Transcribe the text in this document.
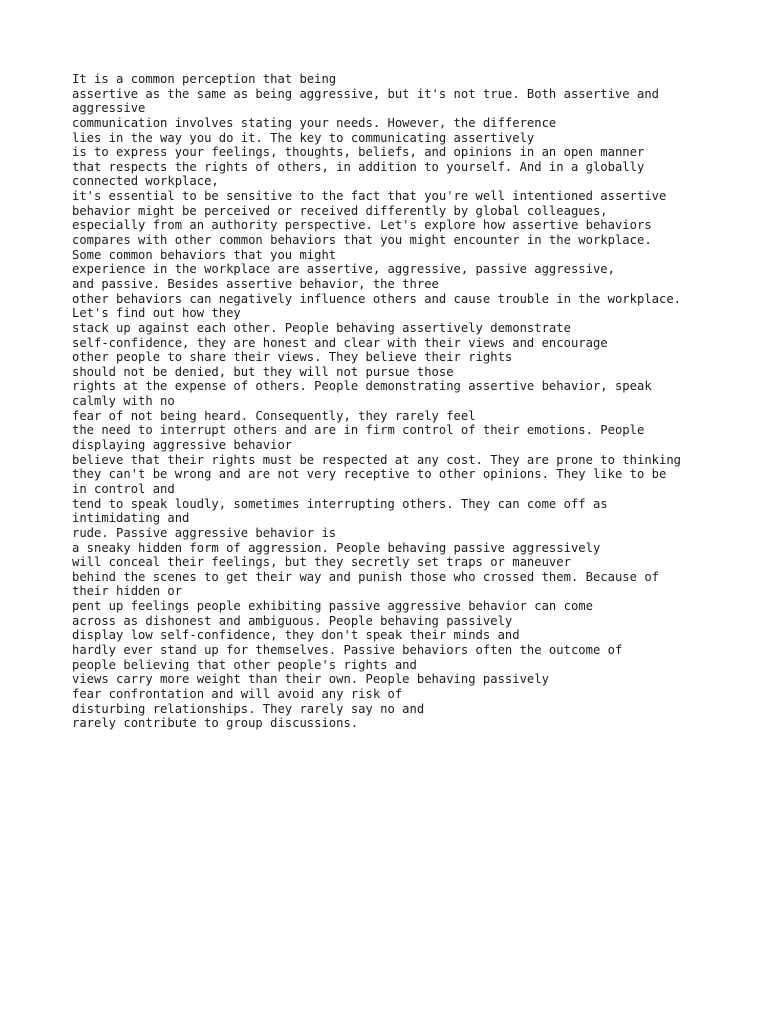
It is a common perception that being
assertive as the same as being aggressive, but it's not true. Both assertive and
aggressive
communication involves stating your needs. However, the difference
lies in the way you do it. The key to communicating assertively
is to express your feelings, thoughts, beliefs, and opinions in an open manner
that respects the rights of others, in addition to yourself. And in a globally
connected workplace,
it's essential to be sensitive to the fact that you're well intentioned assertive
behavior might be perceived or received differently by global colleagues,
especially from an authority perspective. Let's explore how assertive behaviors
compares with other common behaviors that you might encounter in the workplace.
Some common behaviors that you might
experience in the workplace are assertive, aggressive, passive aggressive,
and passive. Besides assertive behavior, the three
other behaviors can negatively influence others and cause trouble in the workplace.
Let's find out how they
stack up against each other. People behaving assertively demonstrate
self-confidence, they are honest and clear with their views and encourage
other people to share their views. They believe their rights
should not be denied, but they will not pursue those
rights at the expense of others. People demonstrating assertive behavior, speak
calmly with no
fear of not being heard. Consequently, they rarely feel
the need to interrupt others and are in firm control of their emotions. People
displaying aggressive behavior
believe that their rights must be respected at any cost. They are prone to thinking
they can't be wrong and are not very receptive to other opinions. They like to be
in control and
tend to speak loudly, sometimes interrupting others. They can come off as
intimidating and
rude. Passive aggressive behavior is
a sneaky hidden form of aggression. People behaving passive aggressively
will conceal their feelings, but they secretly set traps or maneuver
behind the scenes to get their way and punish those who crossed them. Because of
their hidden or
pent up feelings people exhibiting passive aggressive behavior can come
across as dishonest and ambiguous. People behaving passively
display low self-confidence, they don't speak their minds and
hardly ever stand up for themselves. Passive behaviors often the outcome of
people believing that other people's rights and
views carry more weight than their own. People behaving passively
fear confrontation and will avoid any risk of
disturbing relationships. They rarely say no and
rarely contribute to group discussions.
